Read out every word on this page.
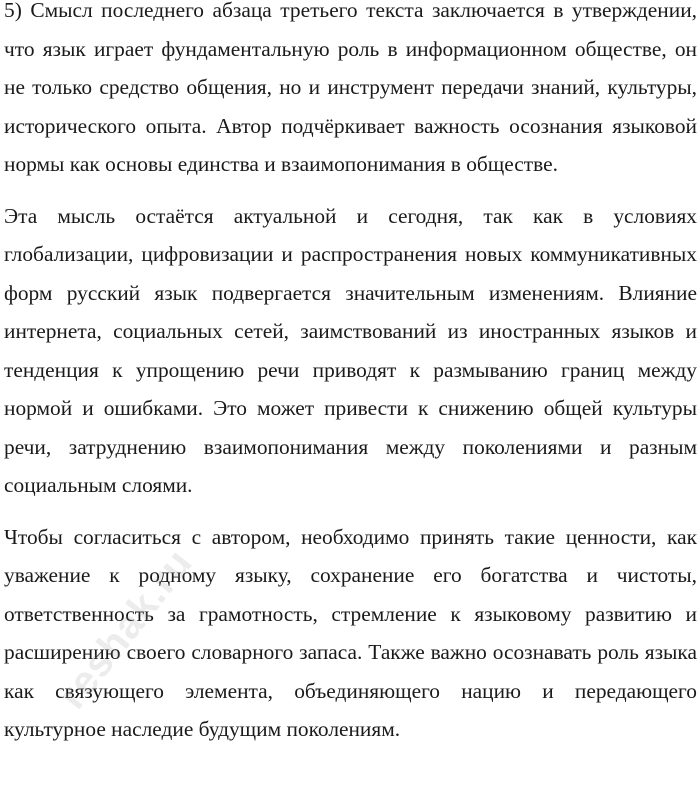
5) Смысл последнего абзаца третьего текста заключается в утверждении, что язык играет фундаментальную роль в информационном обществе, он не только средство общения, но и инструмент передачи знаний, культуры, исторического опыта. Автор подчёркивает важность осознания языковой нормы как основы единства и взаимопонимания в обществе.

Эта мысль остаётся актуальной и сегодня, так как в условиях глобализации, цифровизации и распространения новых коммуникативных форм русский язык подвергается значительным изменениям. Влияние интернета, социальных сетей, заимствований из иностранных языков и тенденция к упрощению речи приводят к размыванию границ между нормой и ошибками. Это может привести к снижению общей культуры речи, затруднению взаимопонимания между поколениями и разным социальным слоями.

Чтобы согласиться с автором, необходимо принять такие ценности, как уважение к родному языку, сохранение его богатства и чистоты, ответственность за грамотность, стремление к языковому развитию и расширению своего словарного запаса. Также важно осознавать роль языка как связующего элемента, объединяющего нацию и передающего культурное наследие будущим поколениям.

reshak.ru
